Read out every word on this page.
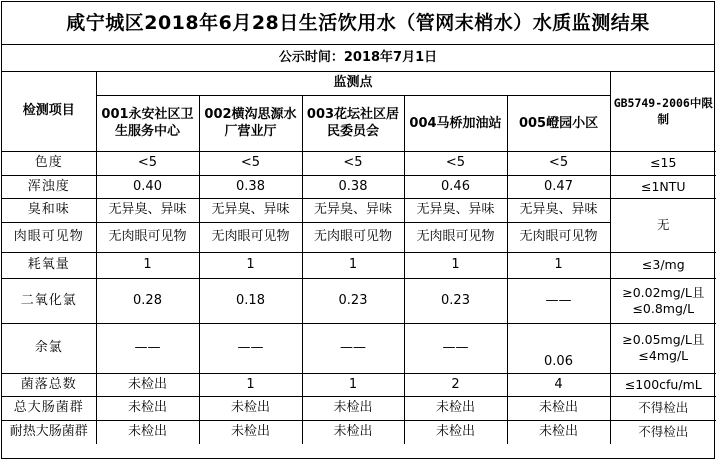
咸宁城区2018年6月28日生活饮用水（管网末梢水）水质监测结果
公示时间：2018年7月1日
检测项目	监测点					GB5749-2006中限制
	001永安社区卫生服务中心	002横沟思源水厂营业厅	003花坛社区居民委员会	004马桥加油站	005嶝园小区	
色度	<5	<5	<5	<5	<5	≤15
浑浊度	0.40	0.38	0.38	0.46	0.47	≤1NTU
臭和味	无异臭、异味	无异臭、异味	无异臭、异味	无异臭、异味	无异臭、异味	无
肉眼可见物	无肉眼可见物	无肉眼可见物	无肉眼可见物	无肉眼可见物	无肉眼可见物	
耗氧量	1	1	1	1	1	≤3/mg
二氧化氯	0.28	0.18	0.23	0.23	——	≥0.02mg/L且≤0.8mg/L
余氯	——	——	——	——	0.06	≥0.05mg/L且≤4mg/L
菌落总数	未检出	1	1	2	4	≤100cfu/mL
总大肠菌群	未检出	未检出	未检出	未检出	未检出	不得检出
耐热大肠菌群	未检出	未检出	未检出	未检出	未检出	不得检出
